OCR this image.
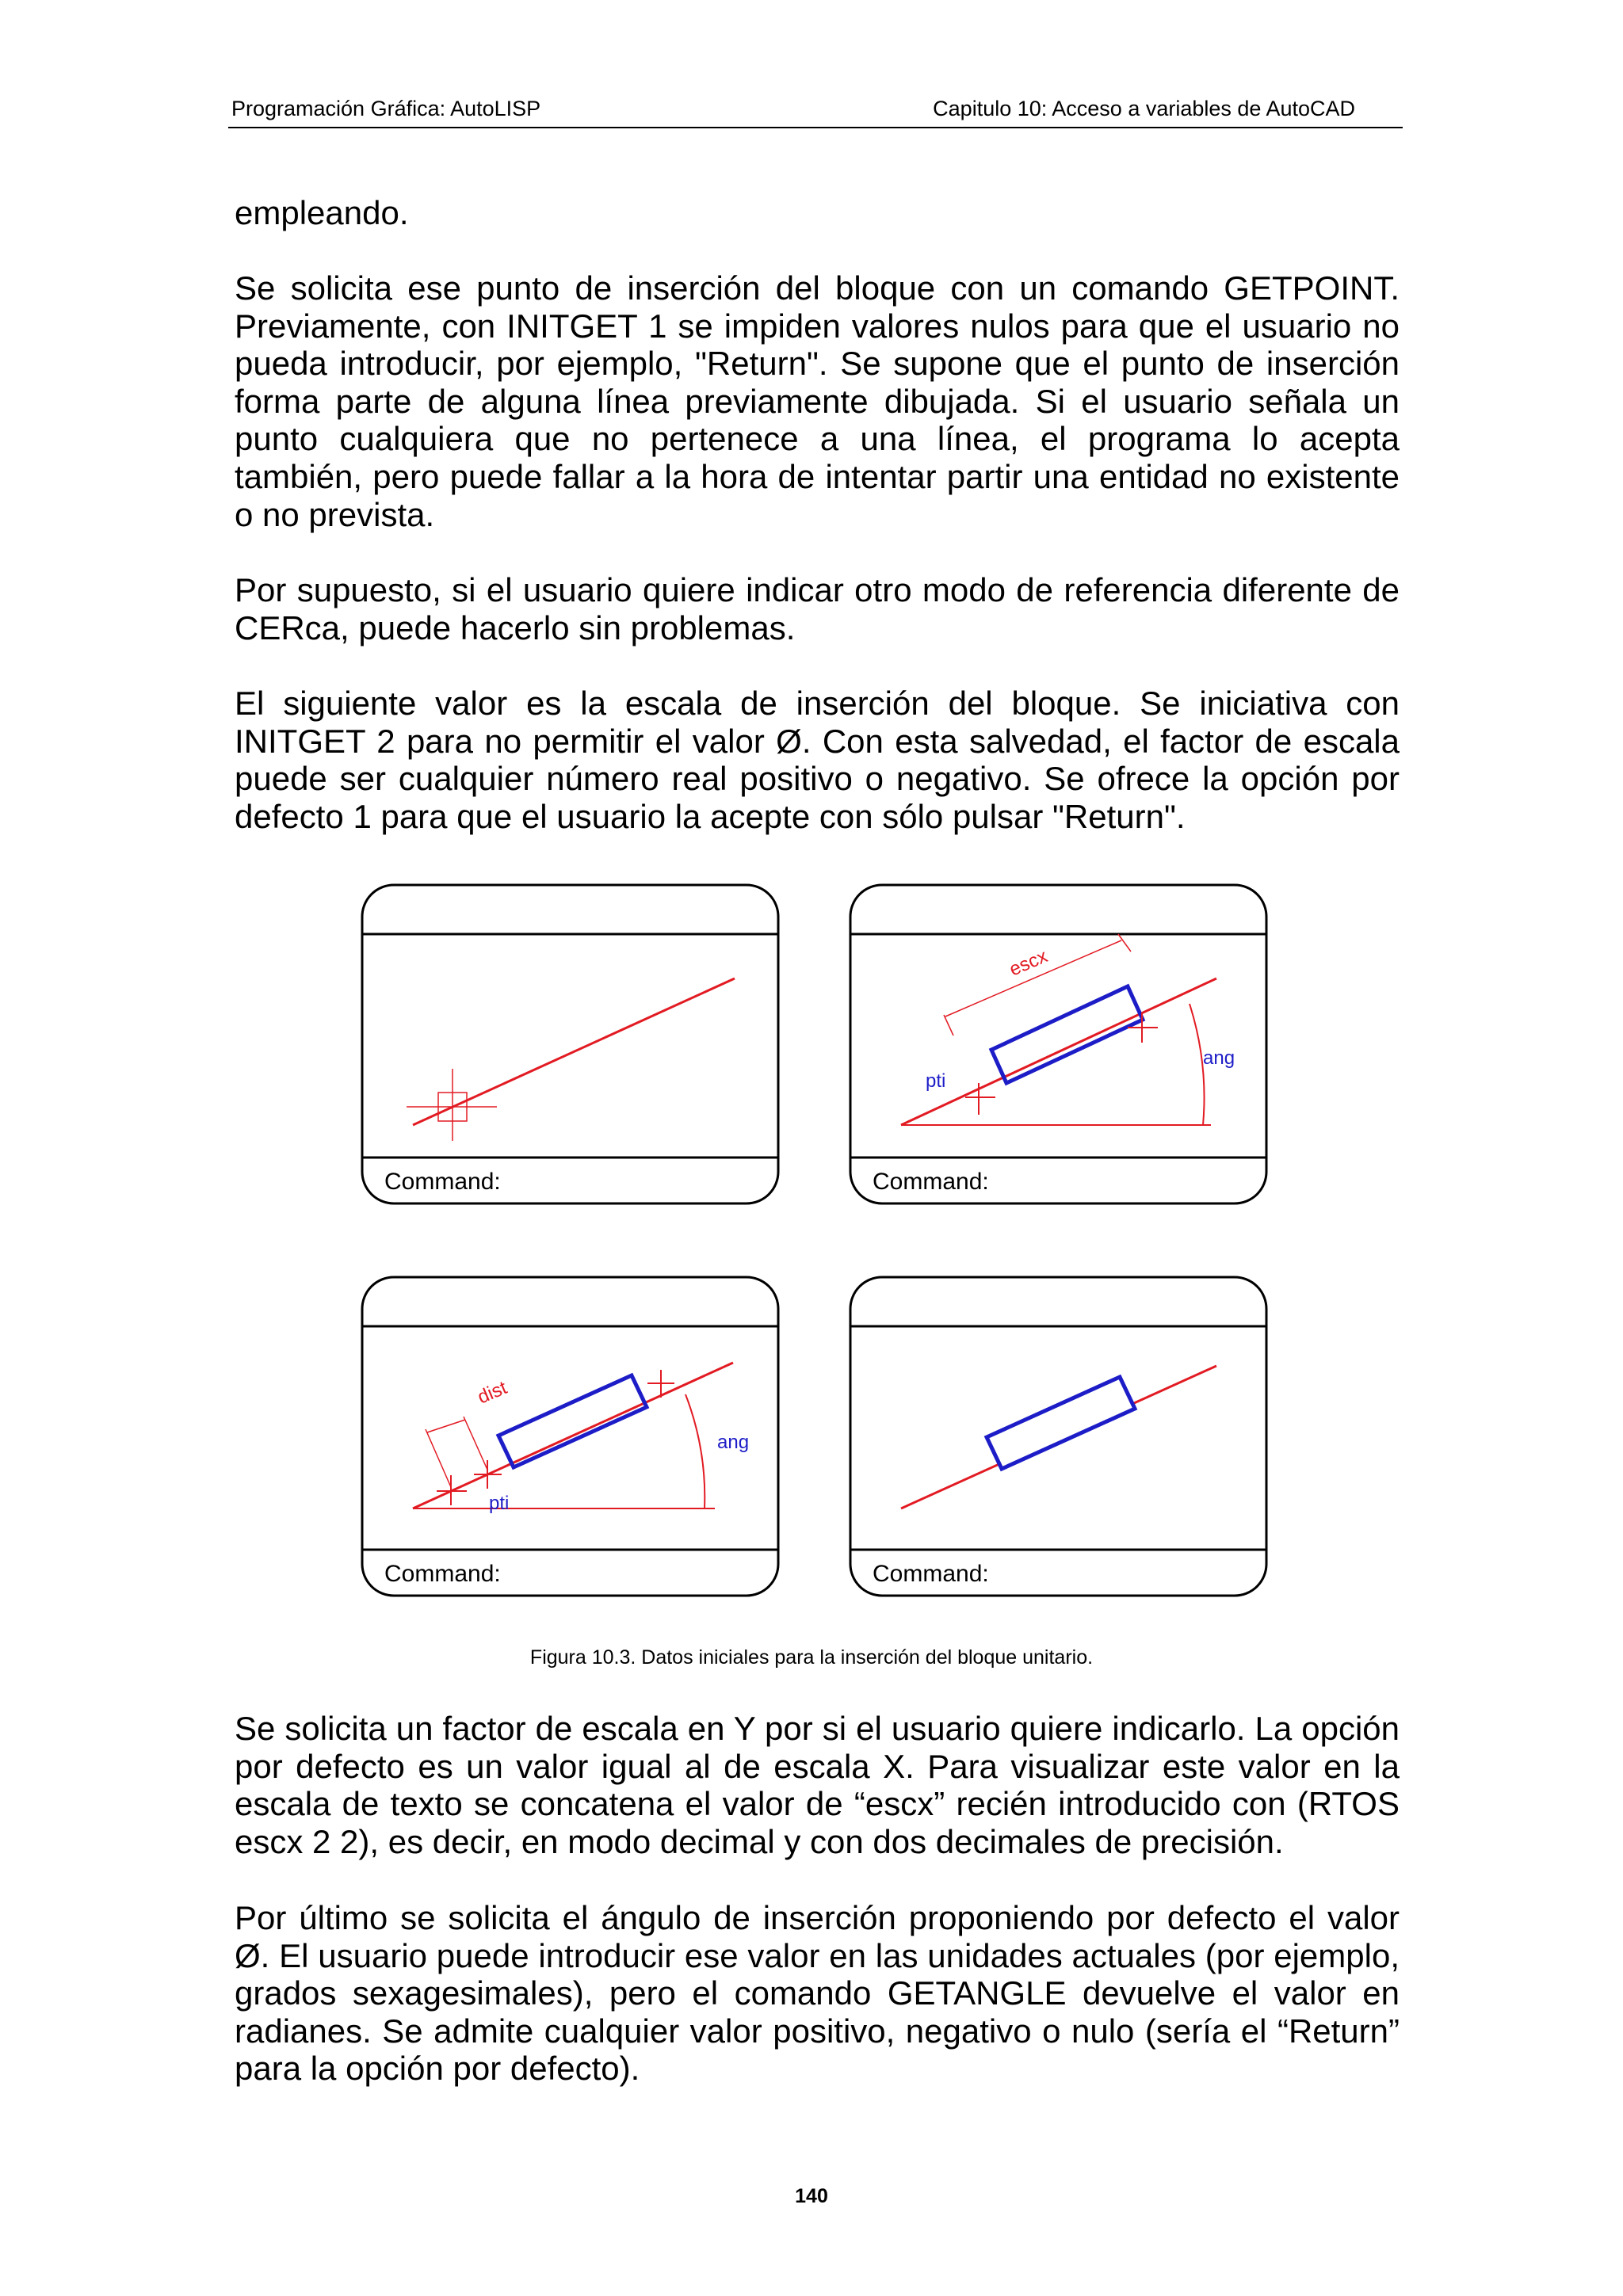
Programación Gráfica: AutoLISP	Capitulo 10: Acceso a variables de AutoCAD

empleando.

Se solicita ese punto de inserción del bloque con un comando GETPOINT. Previamente, con INITGET 1 se impiden valores nulos para que el usuario no pueda introducir, por ejemplo, "Return". Se supone que el punto de inserción forma parte de alguna línea previamente dibujada. Si el usuario señala un punto cualquiera que no pertenece a una línea, el programa lo acepta también, pero puede fallar a la hora de intentar partir una entidad no existente o no prevista.

Por supuesto, si el usuario quiere indicar otro modo de referencia diferente de CERca, puede hacerlo sin problemas.

El siguiente valor es la escala de inserción del bloque. Se iniciativa con INITGET 2 para no permitir el valor Ø. Con esta salvedad, el factor de escala puede ser cualquier número real positivo o negativo. Se ofrece la opción por defecto 1 para que el usuario la acepte con sólo pulsar "Return".

Command:	Command:
escx
pti
ang
Command:
dist
pti
ang
Command:
Figura 10.3. Datos iniciales para la inserción del bloque unitario.

Se solicita un factor de escala en Y por si el usuario quiere indicarlo. La opción por defecto es un valor igual al de escala X. Para visualizar este valor en la escala de texto se concatena el valor de “escx” recién introducido con (RTOS escx 2 2), es decir, en modo decimal y con dos decimales de precisión.

Por último se solicita el ángulo de inserción proponiendo por defecto el valor Ø. El usuario puede introducir ese valor en las unidades actuales (por ejemplo, grados sexagesimales), pero el comando GETANGLE devuelve el valor en radianes. Se admite cualquier valor positivo, negativo o nulo (sería el “Return” para la opción por defecto).

140
